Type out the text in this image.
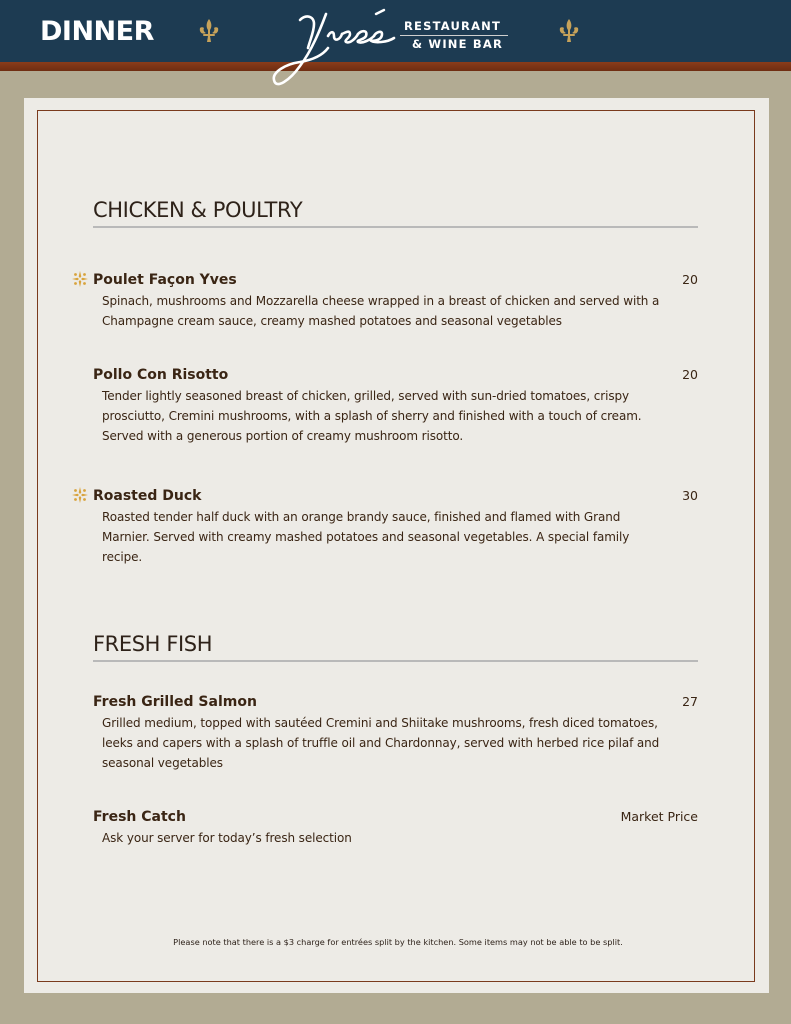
DINNER	RESTAURANT
& WINE BAR
CHICKEN & POULTRY
Poulet Façon Yves	20
Spinach, mushrooms and Mozzarella cheese wrapped in a breast of chicken and served with a
Champagne cream sauce, creamy mashed potatoes and seasonal vegetables
Pollo Con Risotto	20
Tender lightly seasoned breast of chicken, grilled, served with sun-dried tomatoes, crispy
prosciutto, Cremini mushrooms, with a splash of sherry and finished with a touch of cream.
Served with a generous portion of creamy mushroom risotto.
Roasted Duck	30
Roasted tender half duck with an orange brandy sauce, finished and flamed with Grand
Marnier. Served with creamy mashed potatoes and seasonal vegetables. A special family recipe.
FRESH FISH
Fresh Grilled Salmon	27
Grilled medium, topped with sautéed Cremini and Shiitake mushrooms, fresh diced tomatoes,
leeks and capers with a splash of truffle oil and Chardonnay, served with herbed rice pilaf and
seasonal vegetables
Fresh Catch	Market Price
Ask your server for today’s fresh selection
Please note that there is a $3 charge for entrées split by the kitchen. Some items may not be able to be split.
